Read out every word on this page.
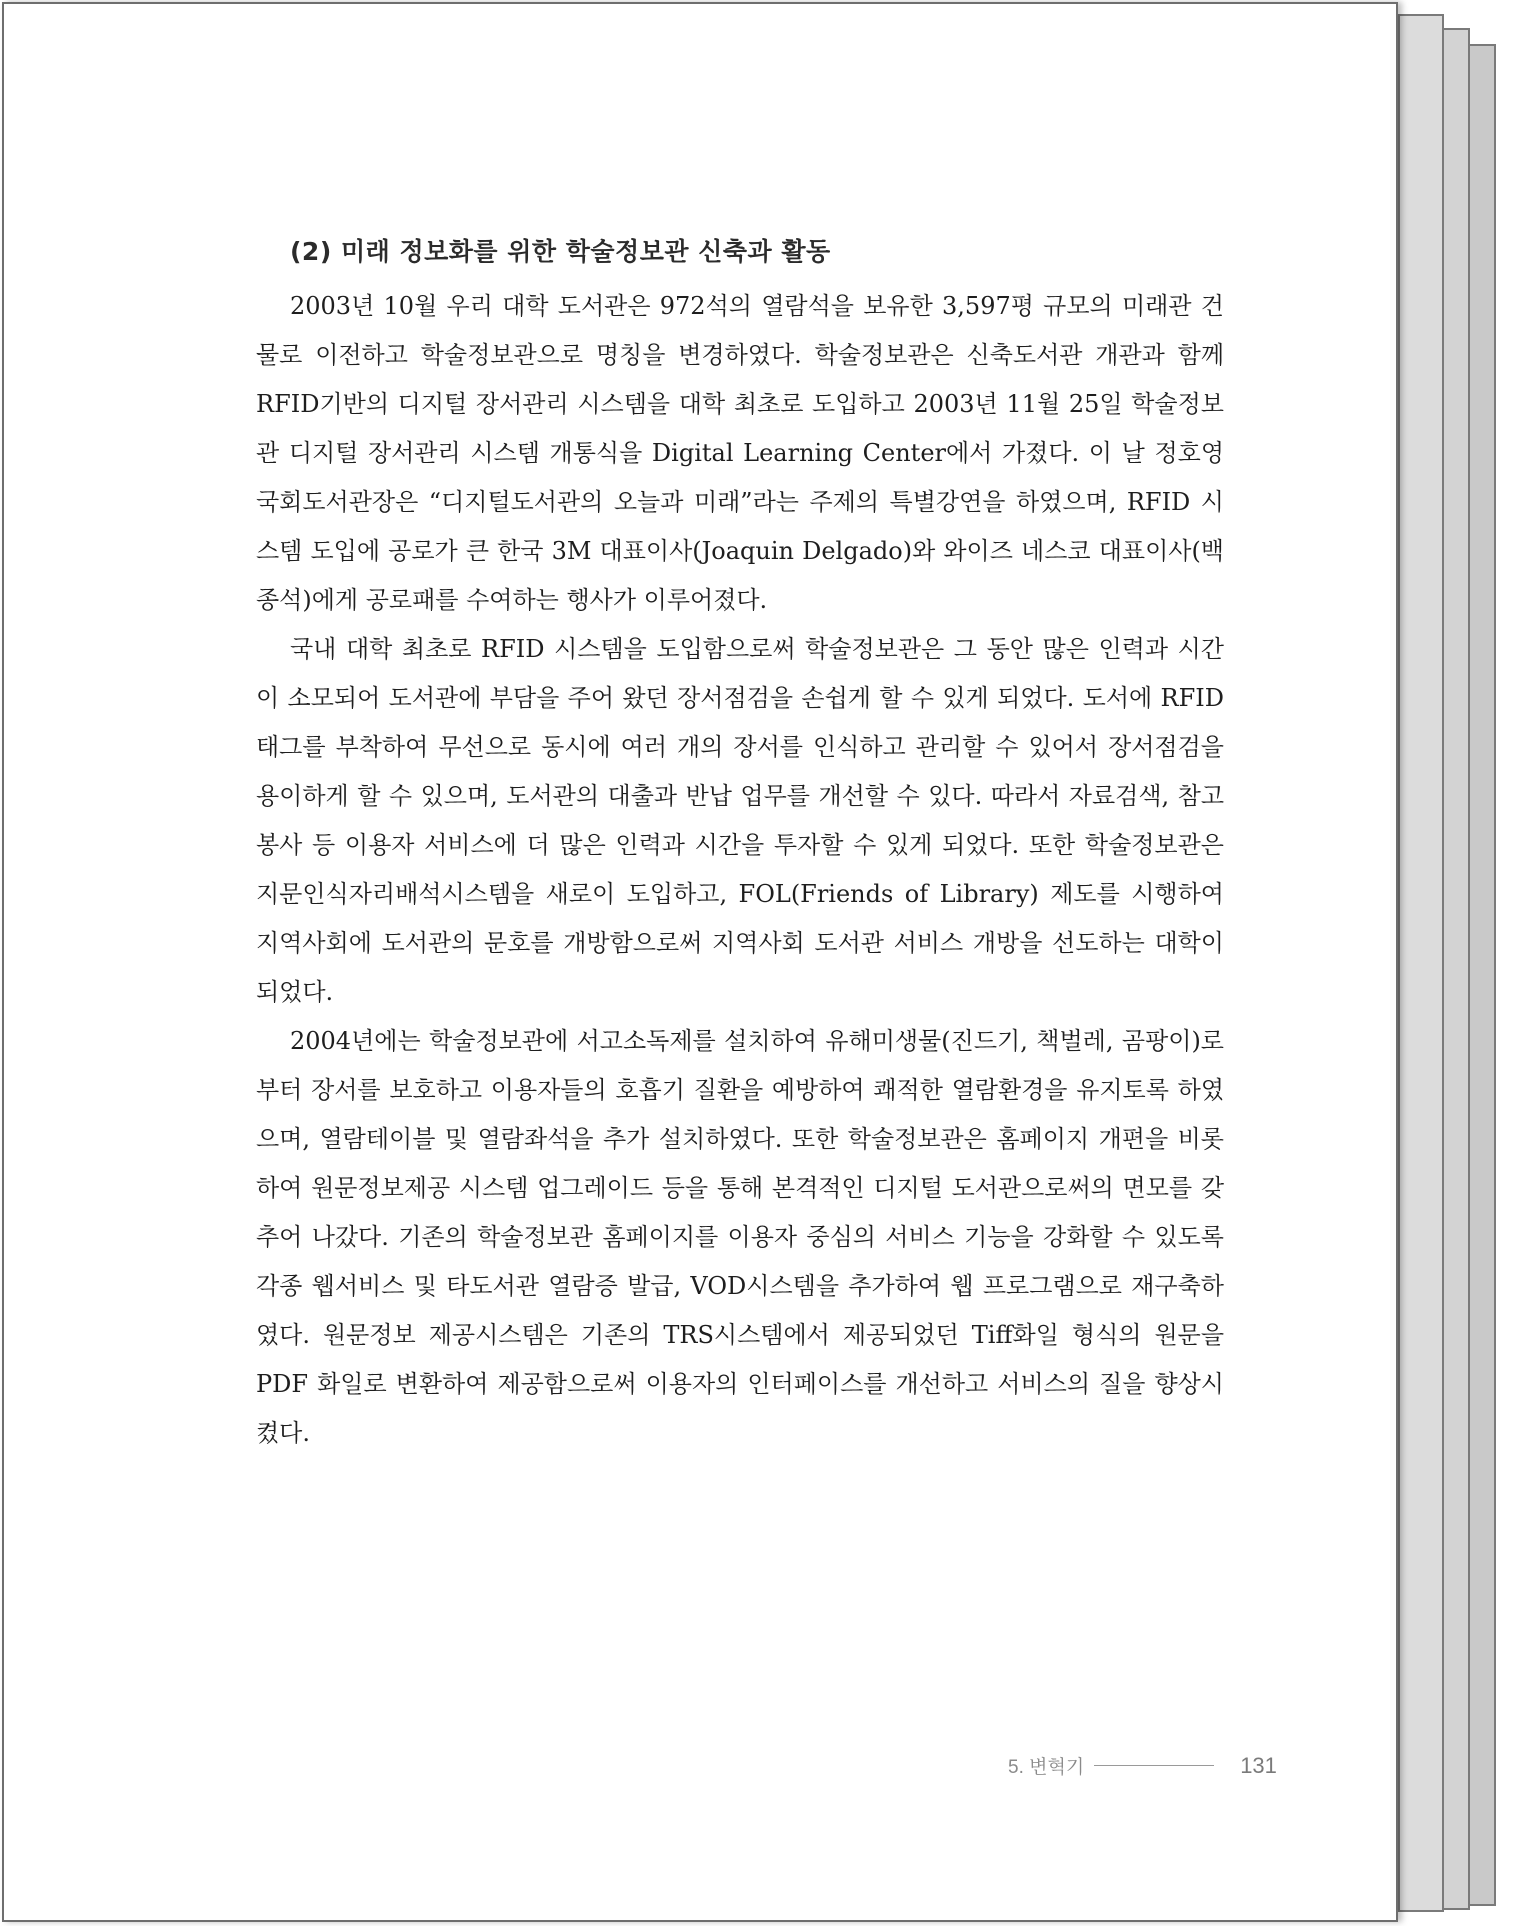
(2) 미래 정보화를 위한 학술정보관 신축과 활동

2003년 10월 우리 대학 도서관은 972석의 열람석을 보유한 3,597평 규모의 미래관 건물로 이전하고 학술정보관으로 명칭을 변경하였다. 학술정보관은 신축도서관 개관과 함께 RFID기반의 디지털 장서관리 시스템을 대학 최초로 도입하고 2003년 11월 25일 학술정보관 디지털 장서관리 시스템 개통식을 Digital Learning Center에서 가졌다. 이 날 정호영 국회도서관장은 “디지털도서관의 오늘과 미래”라는 주제의 특별강연을 하였으며, RFID 시스템 도입에 공로가 큰 한국 3M 대표이사(Joaquin Delgado)와 와이즈 네스코 대표이사(백종석)에게 공로패를 수여하는 행사가 이루어졌다.

국내 대학 최초로 RFID 시스템을 도입함으로써 학술정보관은 그 동안 많은 인력과 시간이 소모되어 도서관에 부담을 주어 왔던 장서점검을 손쉽게 할 수 있게 되었다. 도서에 RFID 태그를 부착하여 무선으로 동시에 여러 개의 장서를 인식하고 관리할 수 있어서 장서점검을 용이하게 할 수 있으며, 도서관의 대출과 반납 업무를 개선할 수 있다. 따라서 자료검색, 참고 봉사 등 이용자 서비스에 더 많은 인력과 시간을 투자할 수 있게 되었다. 또한 학술정보관은 지문인식자리배석시스템을 새로이 도입하고, FOL(Friends of Library) 제도를 시행하여 지역사회에 도서관의 문호를 개방함으로써 지역사회 도서관 서비스 개방을 선도하는 대학이 되었다.

2004년에는 학술정보관에 서고소독제를 설치하여 유해미생물(진드기, 책벌레, 곰팡이)로부터 장서를 보호하고 이용자들의 호흡기 질환을 예방하여 쾌적한 열람환경을 유지토록 하였으며, 열람테이블 및 열람좌석을 추가 설치하였다. 또한 학술정보관은 홈페이지 개편을 비롯하여 원문정보제공 시스템 업그레이드 등을 통해 본격적인 디지털 도서관으로써의 면모를 갖추어 나갔다. 기존의 학술정보관 홈페이지를 이용자 중심의 서비스 기능을 강화할 수 있도록 각종 웹서비스 및 타도서관 열람증 발급, VOD시스템을 추가하여 웹 프로그램으로 재구축하였다. 원문정보 제공시스템은 기존의 TRS시스템에서 제공되었던 Tiff화일 형식의 원문을 PDF 화일로 변환하여 제공함으로써 이용자의 인터페이스를 개선하고 서비스의 질을 향상시켰다.

5. 변혁기	131
